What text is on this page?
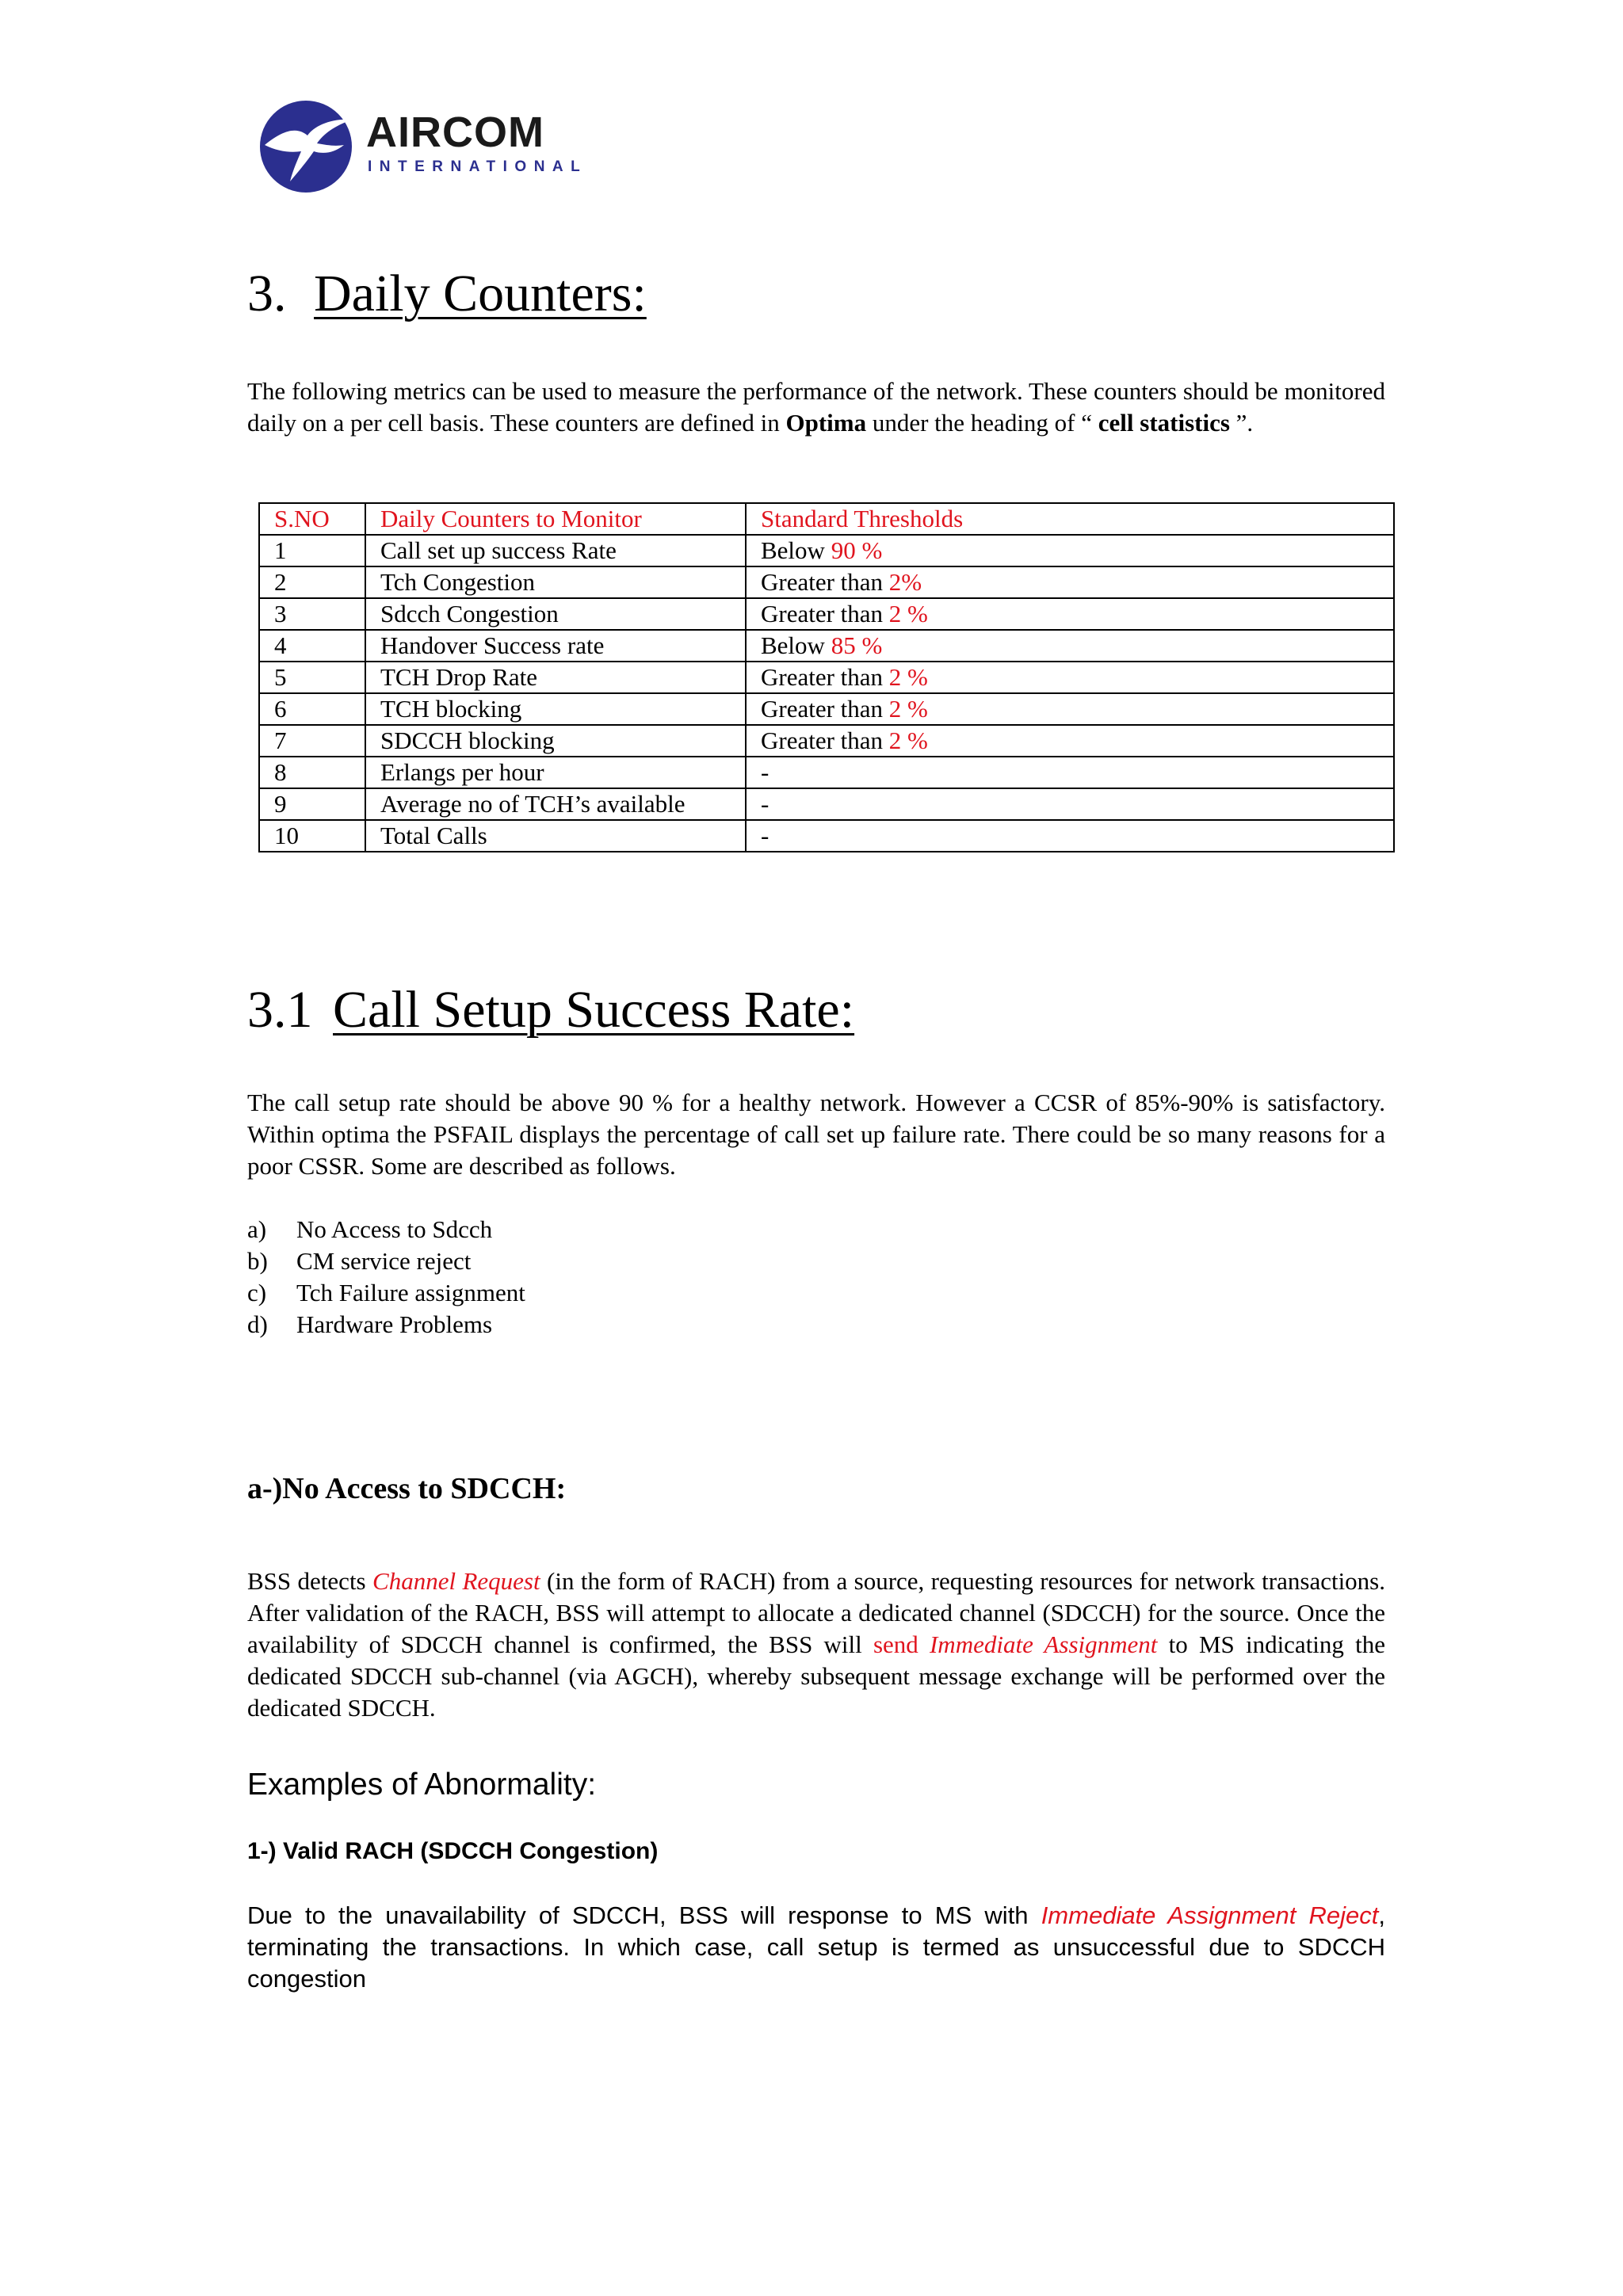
AIRCOM
INTERNATIONAL
3. Daily Counters:
The following metrics can be used to measure the performance of the network. These counters should be monitored daily on a per cell basis. These counters are defined in Optima under the heading of “ cell statistics ”.
S.NO	Daily Counters to Monitor	Standard Thresholds
1	Call set up success Rate	Below 90 %
2	Tch Congestion	Greater than 2%
3	Sdcch Congestion	Greater than 2 %
4	Handover Success rate	Below 85 %
5	TCH Drop Rate	Greater than 2 %
6	TCH blocking	Greater than 2 %
7	SDCCH blocking	Greater than 2 %
8	Erlangs per hour	-
9	Average no of TCH’s available	-
10	Total Calls	-
3.1 Call Setup Success Rate:
The call setup rate should be above 90 % for a healthy network. However a CCSR of 85%-90% is satisfactory. Within optima the PSFAIL displays the percentage of call set up failure rate. There could be so many reasons for a poor CSSR. Some are described as follows.
a) No Access to Sdcch
b) CM service reject
c) Tch Failure assignment
d) Hardware Problems
a-)No Access to SDCCH:
BSS detects Channel Request (in the form of RACH) from a source, requesting resources for network transactions. After validation of the RACH, BSS will attempt to allocate a dedicated channel (SDCCH) for the source. Once the availability of SDCCH channel is confirmed, the BSS will send Immediate Assignment to MS indicating the dedicated SDCCH sub-channel (via AGCH), whereby subsequent message exchange will be performed over the dedicated SDCCH.
Examples of Abnormality:
1-) Valid RACH (SDCCH Congestion)
Due to the unavailability of SDCCH, BSS will response to MS with Immediate Assignment Reject, terminating the transactions. In which case, call setup is termed as unsuccessful due to SDCCH congestion
